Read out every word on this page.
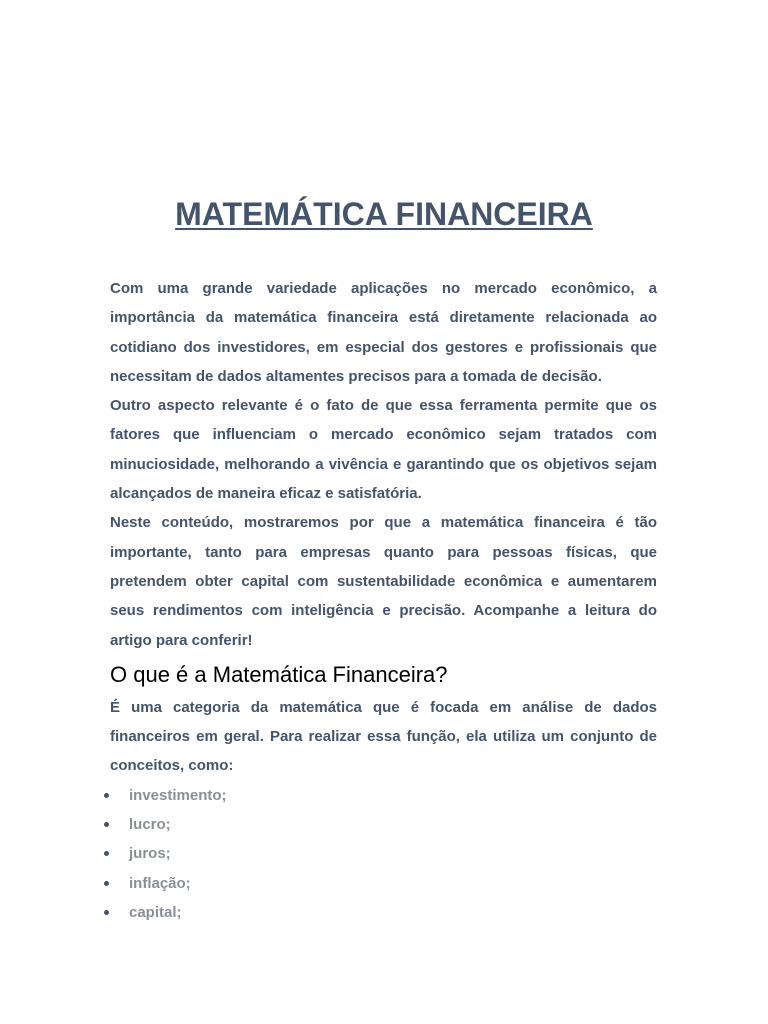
MATEMÁTICA FINANCEIRA

Com uma grande variedade aplicações no mercado econômico, a importância da matemática financeira está diretamente relacionada ao cotidiano dos investidores, em especial dos gestores e profissionais que necessitam de dados altamentes precisos para a tomada de decisão.

Outro aspecto relevante é o fato de que essa ferramenta permite que os fatores que influenciam o mercado econômico sejam tratados com minuciosidade, melhorando a vivência e garantindo que os objetivos sejam alcançados de maneira eficaz e satisfatória.

Neste conteúdo, mostraremos por que a matemática financeira é tão importante, tanto para empresas quanto para pessoas físicas, que pretendem obter capital com sustentabilidade econômica e aumentarem seus rendimentos com inteligência e precisão. Acompanhe a leitura do artigo para conferir!

O que é a Matemática Financeira?

É uma categoria da matemática que é focada em análise de dados financeiros em geral. Para realizar essa função, ela utiliza um conjunto de conceitos, como:

investimento;
lucro;
juros;
inflação;
capital;
